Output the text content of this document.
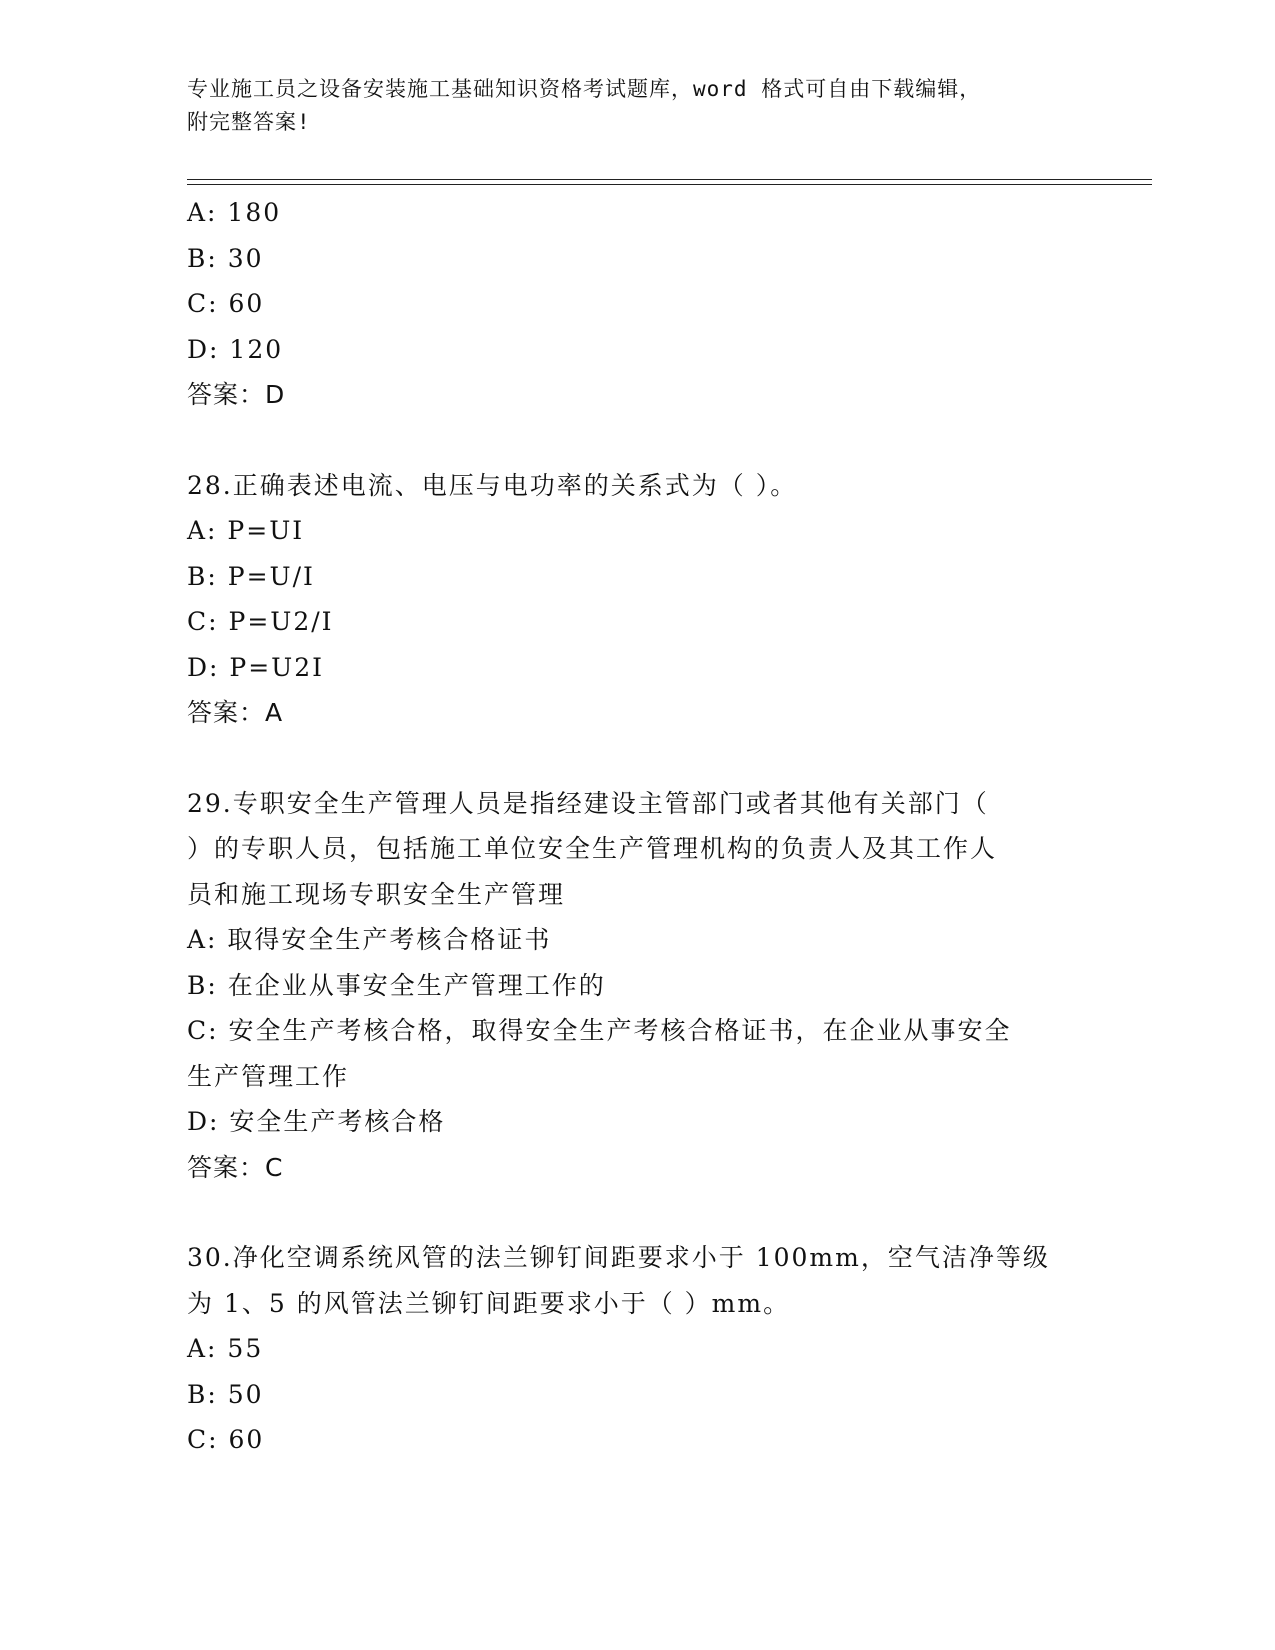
专业施工员之设备安装施工基础知识资格考试题库，word 格式可自由下载编辑，
附完整答案!

A: 180

B: 30

C: 60

D: 120

答案：D

28.正确表述电流、电压与电功率的关系式为（ ）。

A: P=UI

B: P=U/I

C: P=U2/I

D: P=U2I

答案：A

29.专职安全生产管理人员是指经建设主管部门或者其他有关部门（

）的专职人员，包括施工单位安全生产管理机构的负责人及其工作人

员和施工现场专职安全生产管理

A: 取得安全生产考核合格证书

B: 在企业从事安全生产管理工作的

C: 安全生产考核合格，取得安全生产考核合格证书，在企业从事安全

生产管理工作

D: 安全生产考核合格

答案：C

30.净化空调系统风管的法兰铆钉间距要求小于 100mm，空气洁净等级

为 1、5 的风管法兰铆钉间距要求小于（ ）mm。

A: 55

B: 50

C: 60
